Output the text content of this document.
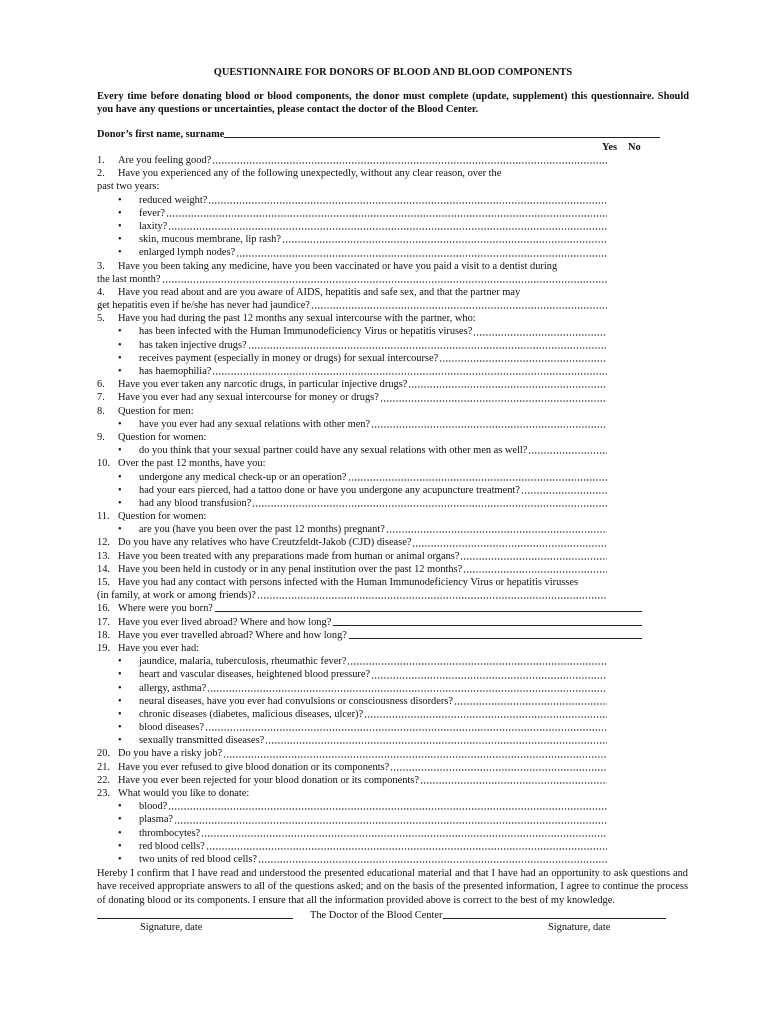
QUESTIONNAIRE FOR DONORS OF BLOOD AND BLOOD COMPONENTS
Every time before donating blood or blood components, the donor must complete (update, supplement) this questionnaire. Should you have any questions or uncertainties, please contact the doctor of the Blood Center.
Donor’s first name, surname
Yes No
1.	Are you feeling good?
2.	Have you experienced any of the following unexpectedly, without any clear reason, over the
past two years:
• reduced weight?
• fever?
• laxity?
• skin, mucous membrane, lip rash?
• enlarged lymph nodes?
3.	Have you been taking any medicine, have you been vaccinated or have you paid a visit to a dentist during
the last month?
4.	Have you read about and are you aware of AIDS, hepatitis and safe sex, and that the partner may
get hepatitis even if he/she has never had jaundice?
5.	Have you had during the past 12 months any sexual intercourse with the partner, who:
• has been infected with the Human Immunodeficiency Virus or hepatitis viruses?
• has taken injective drugs?
• receives payment (especially in money or drugs) for sexual intercourse?
• has haemophilia?
6.	Have you ever taken any narcotic drugs, in particular injective drugs?
7.	Have you ever had any sexual intercourse for money or drugs?
8.	Question for men:
• have you ever had any sexual relations with other men?
9.	Question for women:
• do you think that your sexual partner could have any sexual relations with other men as well?
10. Over the past 12 months, have you:
• undergone any medical check-up or an operation?
• had your ears pierced, had a tattoo done or have you undergone any acupuncture treatment?
• had any blood transfusion?
11. Question for women:
• are you (have you been over the past 12 months) pregnant?
12. Do you have any relatives who have Creutzfeldt-Jakob (CJD) disease?
13. Have you been treated with any preparations made from human or animal organs?
14. Have you been held in custody or in any penal institution over the past 12 months?
15. Have you had any contact with persons infected with the Human Immunodeficiency Virus or hepatitis virusses
(in family, at work or among friends)?
16. Where were you born?
17. Have you ever lived abroad? Where and how long?
18. Have you ever travelled abroad? Where and how long?
19. Have you ever had:
• jaundice, malaria, tuberculosis, rheumathic fever?
• heart and vascular diseases, heightened blood pressure?
• allergy, asthma?
• neural diseases, have you ever had convulsions or consciousness disorders?
• chronic diseases (diabetes, malicious diseases, ulcer)?
• blood diseases?
• sexually transmitted diseases?
20. Do you have a risky job?
21. Have you ever refused to give blood donation or its components?
22. Have you ever been rejected for your blood donation or its components?
23. What would you like to donate:
• blood?
• plasma?
• thrombocytes?
• red blood cells?
• two units of red blood cells?
Hereby I confirm that I have read and understood the presented educational material and that I have had an opportunity to ask questions and have received appropriate answers to all of the questions asked; and on the basis of the presented information, I agree to continue the process of donating blood or its components. I ensure that all the information provided above is correct to the best of my knowledge.
The Doctor of the Blood Center
Signature, date	Signature, date
